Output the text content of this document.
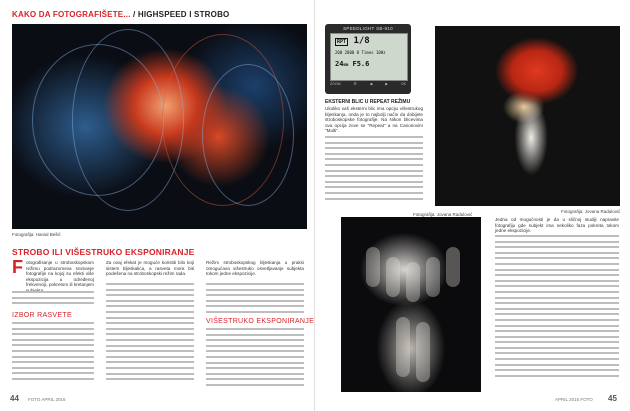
KAKO DA FOTOGRAFIŠETE... / HIGHSPEED I STROBO
Fotografija: Hanial Bešić
STROBO ILI VIŠESTRUKO EKSPONIRANJE
F otografisanje u stroboskopskom režimu podrazumeva snimanje fotografije na kojoj su efekti više ekspozicija u određenoj frekvenciji, pokretom ili kretanjem
IZBOR RASVETE
Za ovaj efekat je moguće koristiti bilo koji sistem bljeskalica, a rasveta mora biti podešena na stroboskopski režim rada.
Režim stroboskopskog bljeskanja u praksi omogućava višestruko osvetljavanje subjekta tokom jedne ekspozicije.
VIŠESTRUKO EKSPONIRANJE
44 FOTO APRIL 2016
SPEEDLIGHT SB-910
RPT 1/8
200 2000 8 Times 10Hz
24mm F5.6
ZOOM	☰	◀	▶	OK
EKSTERNI BLIC U REPEAT REŽIMU
Ukoliko vaš eksterni blic ima opciju višestrukog bljeskanja, onda je to najbolji način da dobijete stroboskopske fotografije. Na Nikon blicevima ova opcija zove se "Repeat" a na Canonovim "Multi".
Fotografija: Jovana Radulović
Fotografija: Jovana Radulović
Jedna od mogućnosti je da u sličnoj studiji napravite fotografiju gde subjekt ima nekoliko faza pokreta tokom jedne ekspozicije.
APRIL 2016 FOTO 45
